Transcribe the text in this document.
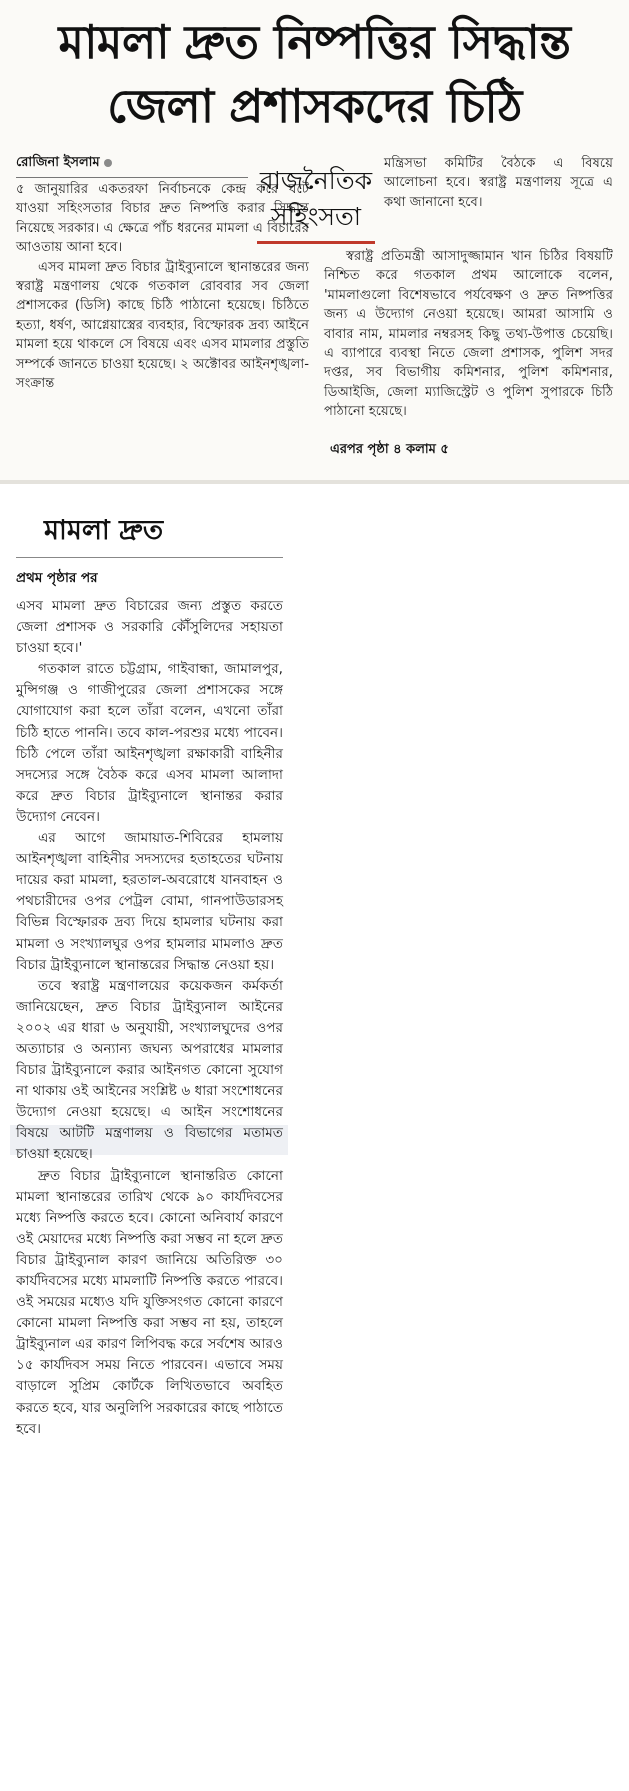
মামলা দ্রুত নিষ্পত্তির সিদ্ধান্ত
জেলা প্রশাসকদের চিঠি
রোজিনা ইসলাম

৫ জানুয়ারির একতরফা নির্বাচনকে কেন্দ্র করে ঘটে যাওয়া সহিংসতার বিচার দ্রুত নিষ্পত্তি করার সিদ্ধান্ত নিয়েছে সরকার। এ ক্ষেত্রে পাঁচ ধরনের মামলা এ বিচারের আওতায় আনা হবে।

এসব মামলা দ্রুত বিচার ট্রাইব্যুনালে স্থানান্তরের জন্য স্বরাষ্ট্র মন্ত্রণালয় থেকে গতকাল রোববার সব জেলা প্রশাসকের (ডিসি) কাছে চিঠি পাঠানো হয়েছে। চিঠিতে হত্যা, ধর্ষণ, আগ্নেয়াস্ত্রের ব্যবহার, বিস্ফোরক দ্রব্য আইনে মামলা হয়ে থাকলে সে বিষয়ে এবং এসব মামলার প্রস্তুতি সম্পর্কে জানতে চাওয়া হয়েছে। ২ অক্টোবর আইনশৃঙ্খলা-সংক্রান্ত

রাজনৈতিক
সহিংসতা

মন্ত্রিসভা কমিটির বৈঠকে এ বিষয়ে আলোচনা হবে। স্বরাষ্ট্র মন্ত্রণালয় সূত্রে এ কথা জানানো হবে।

স্বরাষ্ট্র প্রতিমন্ত্রী আসাদুজ্জামান খান চিঠির বিষয়টি নিশ্চিত করে গতকাল প্রথম আলোকে বলেন, 'মামলাগুলো বিশেষভাবে পর্যবেক্ষণ ও দ্রুত নিষ্পত্তির জন্য এ উদ্যোগ নেওয়া হয়েছে। আমরা আসামি ও বাবার নাম, মামলার নম্বরসহ কিছু তথ্য-উপাত্ত চেয়েছি। এ ব্যাপারে ব্যবস্থা নিতে জেলা প্রশাসক, পুলিশ সদর দপ্তর, সব বিভাগীয় কমিশনার, পুলিশ কমিশনার, ডিআইজি, জেলা ম্যাজিস্ট্রেট ও পুলিশ সুপারকে চিঠি পাঠানো হয়েছে।

এরপর পৃষ্ঠা ৪ কলাম ৫
মামলা দ্রুত
প্রথম পৃষ্ঠার পর

এসব মামলা দ্রুত বিচারের জন্য প্রস্তুত করতে জেলা প্রশাসক ও সরকারি কৌঁসুলিদের সহায়তা চাওয়া হবে।'

গতকাল রাতে চট্টগ্রাম, গাইবান্ধা, জামালপুর, মুন্সিগঞ্জ ও গাজীপুরের জেলা প্রশাসকের সঙ্গে যোগাযোগ করা হলে তাঁরা বলেন, এখনো তাঁরা চিঠি হাতে পাননি। তবে কাল-পরশুর মধ্যে পাবেন। চিঠি পেলে তাঁরা আইনশৃঙ্খলা রক্ষাকারী বাহিনীর সদস্যের সঙ্গে বৈঠক করে এসব মামলা আলাদা করে দ্রুত বিচার ট্রাইব্যুনালে স্থানান্তর করার উদ্যোগ নেবেন।

এর আগে জামায়াত-শিবিরের হামলায় আইনশৃঙ্খলা বাহিনীর সদস্যদের হতাহতের ঘটনায় দায়ের করা মামলা, হরতাল-অবরোধে যানবাহন ও পথচারীদের ওপর পেট্রল বোমা, গানপাউডারসহ বিভিন্ন বিস্ফোরক দ্রব্য দিয়ে হামলার ঘটনায় করা মামলা ও সংখ্যালঘুর ওপর হামলার মামলাও দ্রুত বিচার ট্রাইব্যুনালে স্থানান্তরের সিদ্ধান্ত নেওয়া হয়।

তবে স্বরাষ্ট্র মন্ত্রণালয়ের কয়েকজন কর্মকর্তা জানিয়েছেন, দ্রুত বিচার ট্রাইব্যুনাল আইনের ২০০২ এর ধারা ৬ অনুযায়ী, সংখ্যালঘুদের ওপর অত্যাচার ও অন্যান্য জঘন্য অপরাধের মামলার বিচার ট্রাইব্যুনালে করার আইনগত কোনো সুযোগ না থাকায় ওই আইনের সংশ্লিষ্ট ৬ ধারা সংশোধনের উদ্যোগ নেওয়া হয়েছে। এ আইন সংশোধনের বিষয়ে আটটি মন্ত্রণালয় ও বিভাগের মতামত চাওয়া হয়েছে।

দ্রুত বিচার ট্রাইব্যুনালে স্থানান্তরিত কোনো মামলা স্থানান্তরের তারিখ থেকে ৯০ কার্যদিবসের মধ্যে নিষ্পত্তি করতে হবে। কোনো অনিবার্য কারণে ওই মেয়াদের মধ্যে নিষ্পত্তি করা সম্ভব না হলে দ্রুত বিচার ট্রাইব্যুনাল কারণ জানিয়ে অতিরিক্ত ৩০ কার্যদিবসের মধ্যে মামলাটি নিষ্পত্তি করতে পারবে। ওই সময়ের মধ্যেও যদি যুক্তিসংগত কোনো কারণে কোনো মামলা নিষ্পত্তি করা সম্ভব না হয়, তাহলে ট্রাইব্যুনাল এর কারণ লিপিবদ্ধ করে সর্বশেষ আরও ১৫ কার্যদিবস সময় নিতে পারবেন। এভাবে সময় বাড়ালে সুপ্রিম কোর্টকে লিখিতভাবে অবহিত করতে হবে, যার অনুলিপি সরকারের কাছে পাঠাতে হবে।
